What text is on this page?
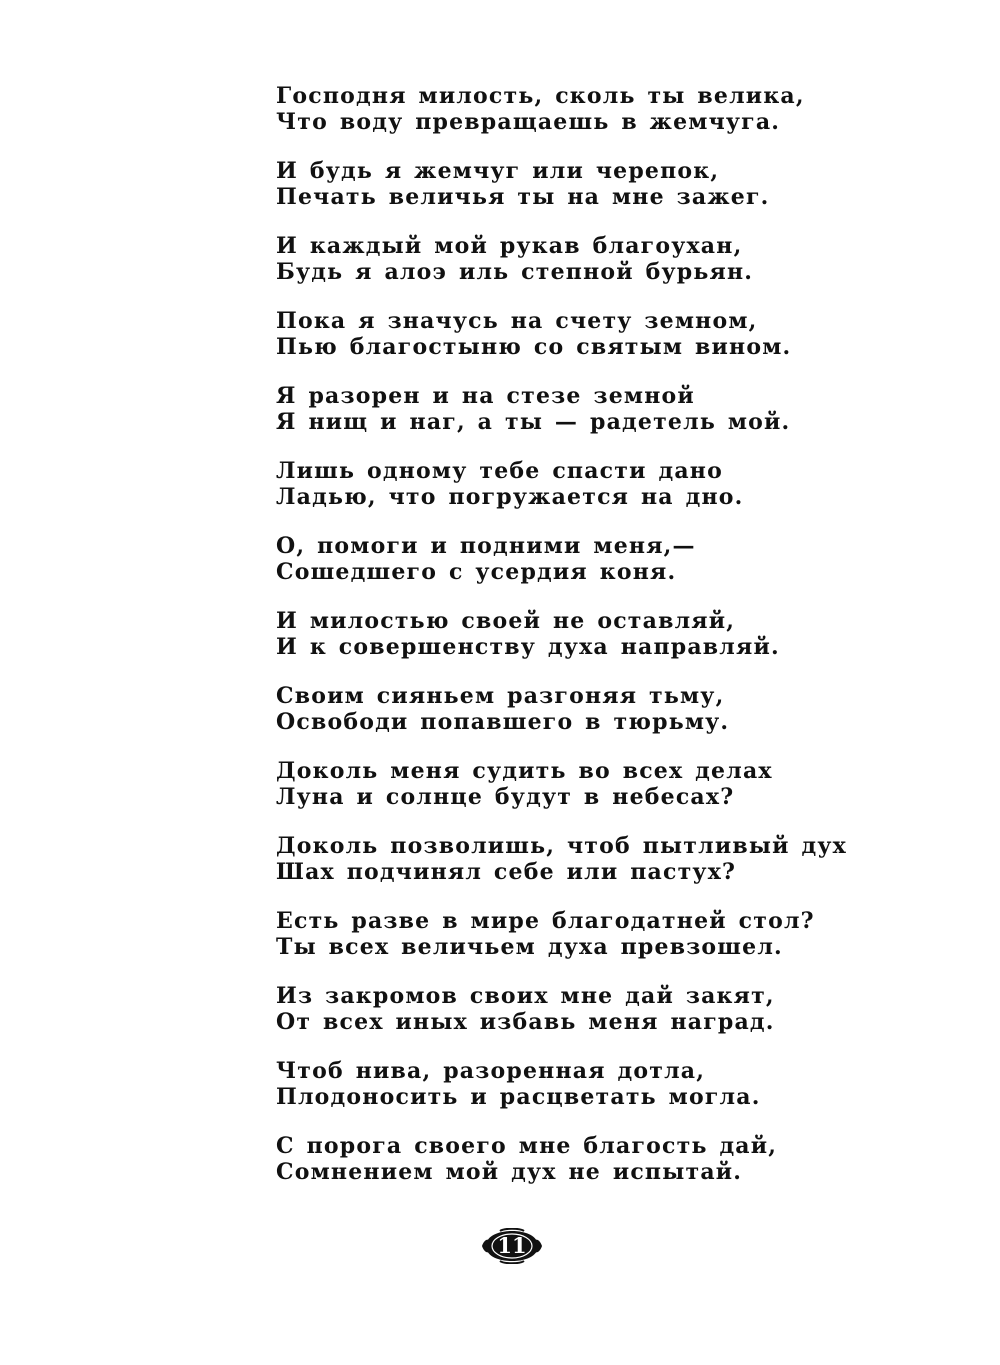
Господня милость, сколь ты велика,
Что воду превращаешь в жемчуга.
И будь я жемчуг или черепок,
Печать величья ты на мне зажег.
И каждый мой рукав благоухан,
Будь я алоэ иль степной бурьян.
Пока я значусь на счету земном,
Пью благостыню со святым вином.
Я разорен и на стезе земной
Я нищ и наг, а ты — радетель мой.
Лишь одному тебе спасти дано
Ладью, что погружается на дно.
О, помоги и подними меня,—
Сошедшего с усердия коня.
И милостью своей не оставляй,
И к совершенству духа направляй.
Своим сияньем разгоняя тьму,
Освободи попавшего в тюрьму.
Доколь меня судить во всех делах
Луна и солнце будут в небесах?
Доколь позволишь, чтоб пытливый дух
Шах подчинял себе или пастух?
Есть разве в мире благодатней стол?
Ты всех величьем духа превзошел.
Из закромов своих мне дай закят,
От всех иных избавь меня наград.
Чтоб нива, разоренная дотла,
Плодоносить и расцветать могла.
С порога своего мне благость дай,
Сомнением мой дух не испытай.
11
